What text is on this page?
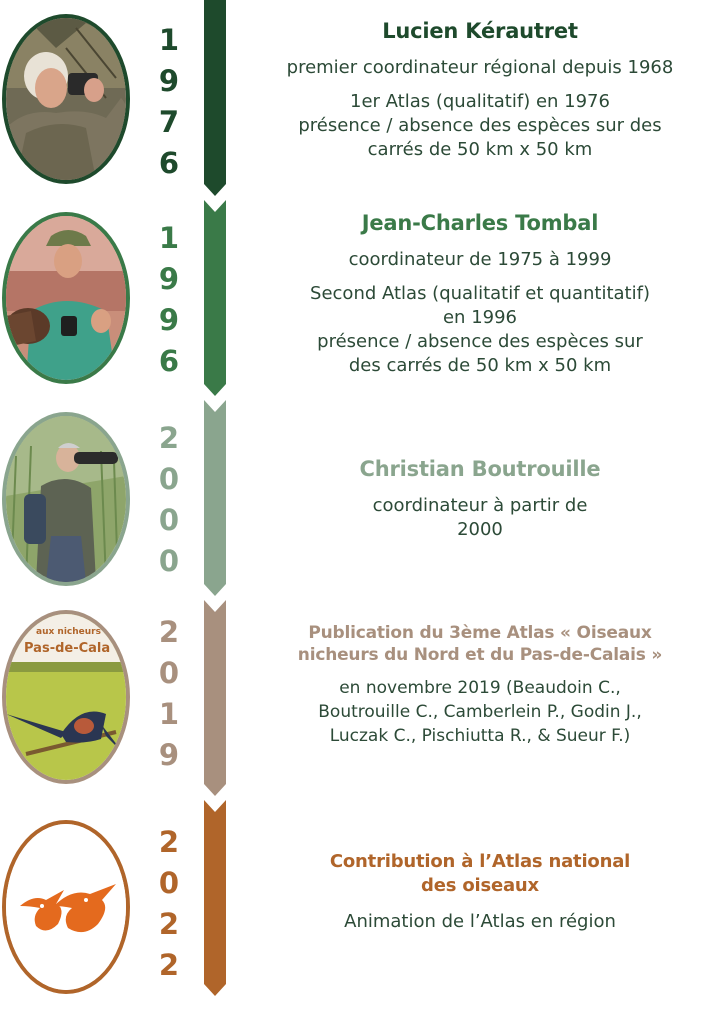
1
9
7
6
Lucien Kérautret

premier coordinateur régional depuis 1968

1er Atlas (qualitatif) en 1976

présence / absence des espèces sur des

carrés de 50 km x 50 km

1
9
9
6
Jean-Charles Tombal

coordinateur de 1975 à 1999

Second Atlas (qualitatif et quantitatif)

en 1996

présence / absence des espèces sur

des carrés de 50 km x 50 km

2
0
0
0
Christian Boutrouille

coordinateur à partir de

2000

aux nicheurs d
Pas-de-Cala 2
0
1
9
Publication du 3ème Atlas « Oiseaux
nicheurs du Nord et du Pas-de-Calais »

en novembre 2019 (Beaudoin C.,

Boutrouille C., Camberlein P., Godin J.,

Luczak C., Pischiutta R., & Sueur F.)

2
0
2
2
Contribution à l’Atlas national
des oiseaux

Animation de l’Atlas en région
